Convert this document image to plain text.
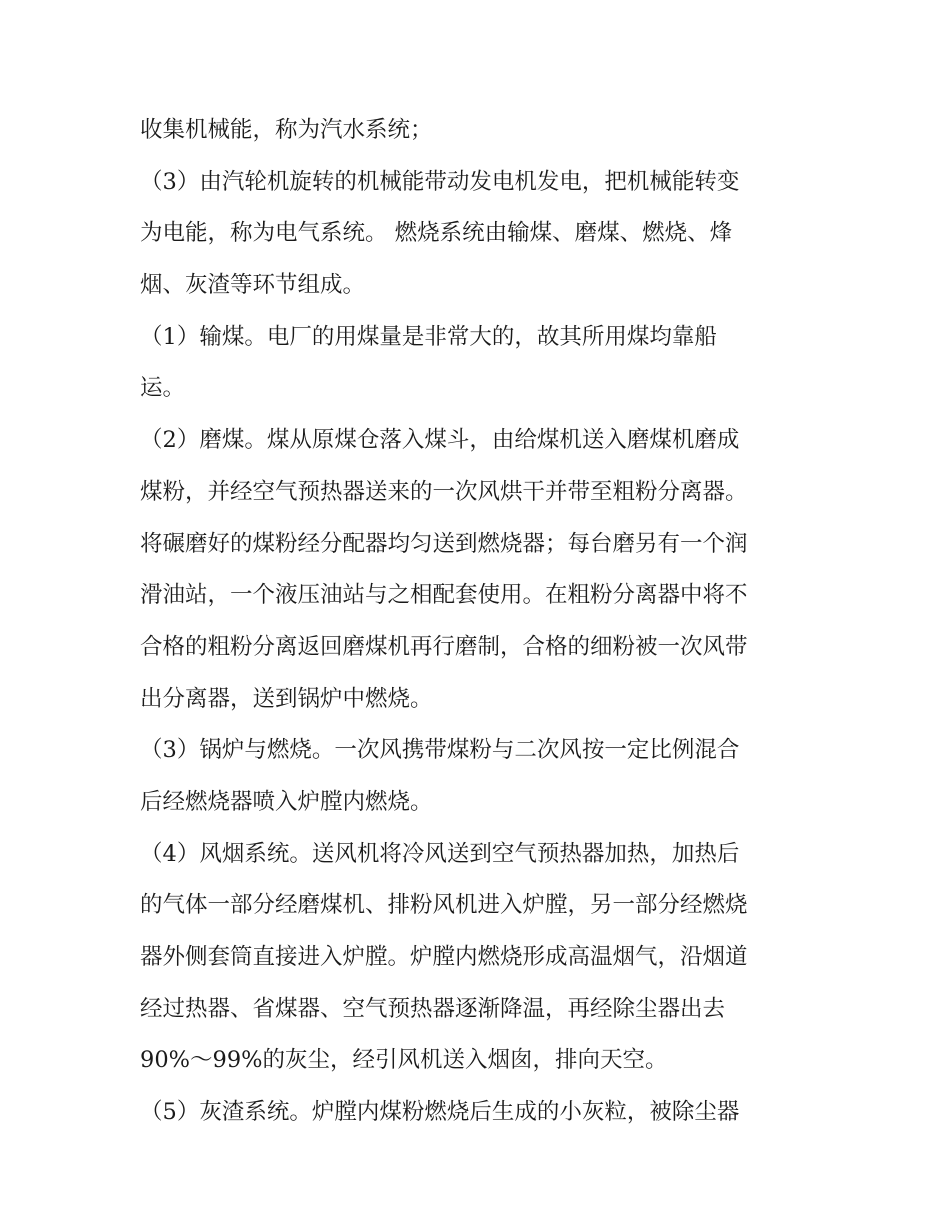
收集机械能，称为汽水系统；
（3）由汽轮机旋转的机械能带动发电机发电，把机械能转变
为电能，称为电气系统。 燃烧系统由输煤、磨煤、燃烧、烽
烟、灰渣等环节组成。
（1）输煤。电厂的用煤量是非常大的，故其所用煤均靠船
运。
（2）磨煤。煤从原煤仓落入煤斗，由给煤机送入磨煤机磨成
煤粉，并经空气预热器送来的一次风烘干并带至粗粉分离器。
将碾磨好的煤粉经分配器均匀送到燃烧器；每台磨另有一个润
滑油站，一个液压油站与之相配套使用。在粗粉分离器中将不
合格的粗粉分离返回磨煤机再行磨制，合格的细粉被一次风带
出分离器，送到锅炉中燃烧。
（3）锅炉与燃烧。一次风携带煤粉与二次风按一定比例混合
后经燃烧器喷入炉膛内燃烧。
（4）风烟系统。送风机将冷风送到空气预热器加热，加热后
的气体一部分经磨煤机、排粉风机进入炉膛，另一部分经燃烧
器外侧套筒直接进入炉膛。炉膛内燃烧形成高温烟气，沿烟道
经过热器、省煤器、空气预热器逐渐降温，再经除尘器出去
90%～99%的灰尘，经引风机送入烟囱，排向天空。
（5）灰渣系统。炉膛内煤粉燃烧后生成的小灰粒，被除尘器
